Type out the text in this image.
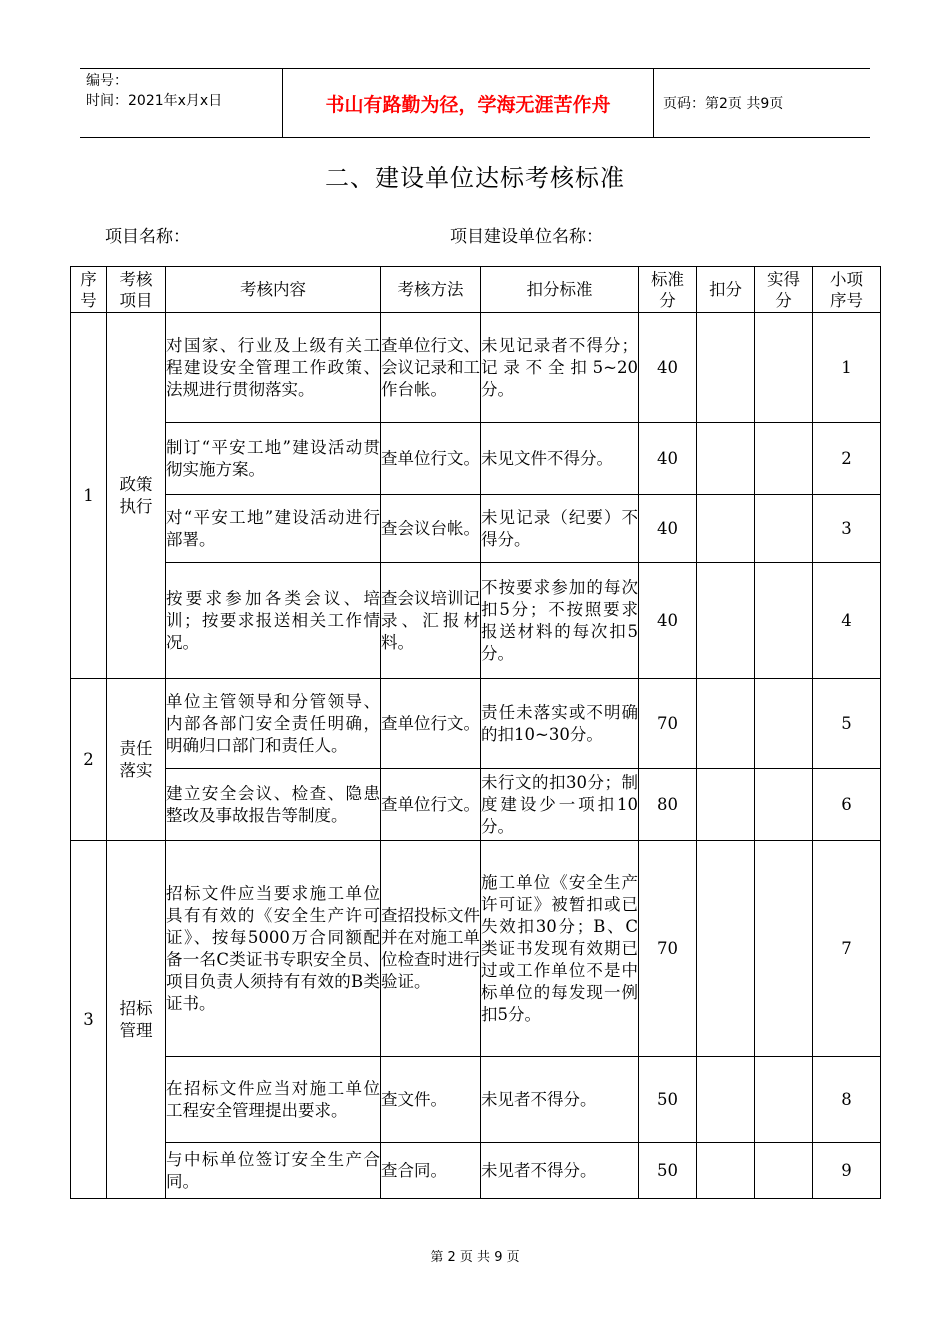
编号：
时间：2021年x月x日	书山有路勤为径，学海无涯苦作舟	页码：第2页 共9页
二、建设单位达标考核标准
项目名称：	项目建设单位名称：
序号	考核项目	考核内容	考核方法	扣分标准	标准分	扣分	实得分	小项序号

1	政策执行	对国家、行业及上级有关工程建设安全管理工作政策、法规进行贯彻落实。	查单位行文、会议记录和工作台帐。	未见记录者不得分；记录不全扣5~20分。	40			1
		制订“平安工地”建设活动贯彻实施方案。	查单位行文。	未见文件不得分。	40			2
		对“平安工地”建设活动进行部署。	查会议台帐。	未见记录（纪要）不得分。	40			3
		按要求参加各类会议、培训；按要求报送相关工作情况。	查会议培训记录、汇报材料。	不按要求参加的每次扣5分；不按照要求报送材料的每次扣5分。	40			4
2	责任落实	单位主管领导和分管领导、内部各部门安全责任明确，明确归口部门和责任人。	查单位行文。	责任未落实或不明确的扣10~30分。	70			5
		建立安全会议、检查、隐患整改及事故报告等制度。	查单位行文。	未行文的扣30分；制度建设少一项扣10分。	80			6
3	招标管理	招标文件应当要求施工单位具有有效的《安全生产许可证》、按每5000万合同额配备一名C类证书专职安全员、项目负责人须持有有效的B类证书。	查招投标文件并在对施工单位检查时进行验证。	施工单位《安全生产许可证》被暂扣或已失效扣30分；B、C类证书发现有效期已过或工作单位不是中标单位的每发现一例扣5分。	70			7
		在招标文件应当对施工单位工程安全管理提出要求。	查文件。	未见者不得分。	50			8
		与中标单位签订安全生产合同。	查合同。	未见者不得分。	50			9
第 2 页 共 9 页
